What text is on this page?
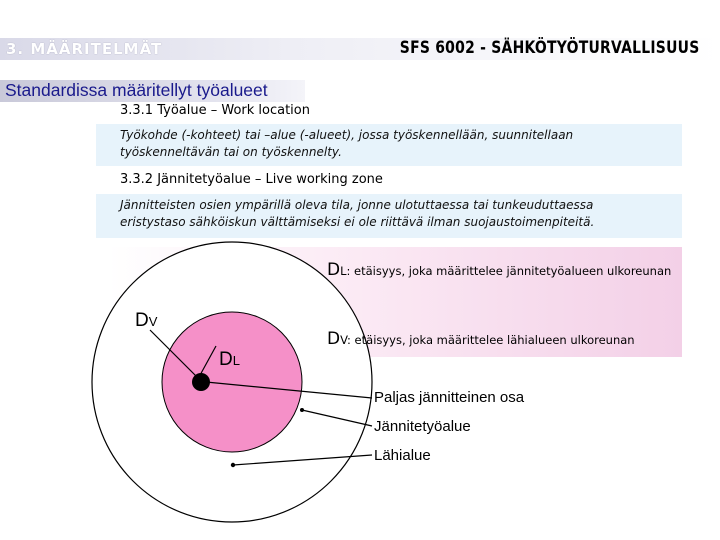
3. MÄÄRITELMÄT	SFS 6002 - SÄHKÖTYÖTURVALLISUUS
Standardissa määritellyt työalueet
3.3.1 Työalue – Work location
Työkohde (-kohteet) tai –alue (-alueet), jossa työskennellään, suunnitellaan
työskenneltävän tai on työskennelty.
3.3.2 Jännitetyöalue – Live working zone
Jännitteisten osien ympärillä oleva tila, jonne ulotuttaessa tai tunkeuduttaessa
eristystaso sähköiskun välttämiseksi ei ole riittävä ilman suojaustoimenpiteitä.
DV
DL
DL: etäisyys, joka määrittelee jännitetyöalueen ulkoreunan
DV: etäisyys, joka määrittelee lähialueen ulkoreunan
Paljas jännitteinen osa
Jännitetyöalue
Lähialue
